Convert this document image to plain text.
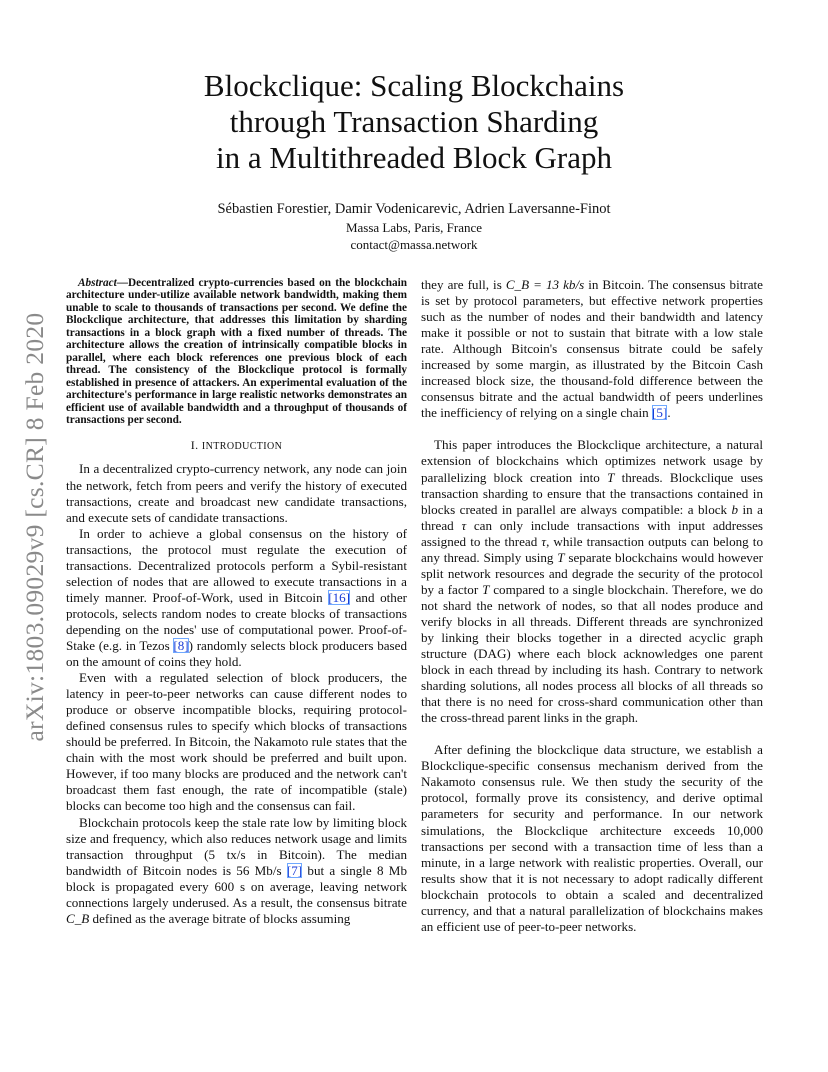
arXiv:1803.09029v9 [cs.CR] 8 Feb 2020
Blockclique: Scaling Blockchains
through Transaction Sharding
in a Multithreaded Block Graph
Sébastien Forestier, Damir Vodenicarevic, Adrien Laversanne-Finot
Massa Labs, Paris, France
contact@massa.network

Abstract—Decentralized crypto-currencies based on the blockchain architecture under-utilize available network bandwidth, making them unable to scale to thousands of transactions per second. We define the Blockclique architecture, that addresses this limitation by sharding transactions in a block graph with a fixed number of threads. The architecture allows the creation of intrinsically compatible blocks in parallel, where each block references one previous block of each thread. The consistency of the Blockclique protocol is formally established in presence of attackers. An experimental evaluation of the architecture's performance in large realistic networks demonstrates an efficient use of available bandwidth and a throughput of thousands of transactions per second.

I. INTRODUCTION

In a decentralized crypto-currency network, any node can join the network, fetch from peers and verify the history of executed transactions, create and broadcast new candidate transactions, and execute sets of candidate transactions.

In order to achieve a global consensus on the history of transactions, the protocol must regulate the execution of transactions. Decentralized protocols perform a Sybil-resistant selection of nodes that are allowed to execute transactions in a timely manner. Proof-of-Work, used in Bitcoin [ 16 ] and other protocols, selects random nodes to create blocks of transactions depending on the nodes' use of computational power. Proof-of-Stake (e.g. in Tezos [ 8 ] ) randomly selects block producers based on the amount of coins they hold.

Even with a regulated selection of block producers, the latency in peer-to-peer networks can cause different nodes to produce or observe incompatible blocks, requiring protocol-defined consensus rules to specify which blocks of transactions should be preferred. In Bitcoin, the Nakamoto rule states that the chain with the most work should be preferred and built upon. However, if too many blocks are produced and the network can't broadcast them fast enough, the rate of incompatible (stale) blocks can become too high and the consensus can fail.

Blockchain protocols keep the stale rate low by limiting block size and frequency, which also reduces network usage and limits transaction throughput (5 tx/s in Bitcoin). The median bandwidth of Bitcoin nodes is 56 Mb/s [ 7 ] but a single 8 Mb block is propagated every 600 s on average, leaving network connections largely underused. As a result, the consensus bitrate C_B defined as the average bitrate of blocks assuming

they are full, is C_B = 13 kb/s in Bitcoin. The consensus bitrate is set by protocol parameters, but effective network properties such as the number of nodes and their bandwidth and latency make it possible or not to sustain that bitrate with a low stale rate. Although Bitcoin's consensus bitrate could be safely increased by some margin, as illustrated by the Bitcoin Cash increased block size, the thousand-fold difference between the consensus bitrate and the actual bandwidth of peers underlines the inefficiency of relying on a single chain [ 5 ] .

This paper introduces the Blockclique architecture, a natural extension of blockchains which optimizes network usage by parallelizing block creation into T threads. Blockclique uses transaction sharding to ensure that the transactions contained in blocks created in parallel are always compatible: a block b in a thread τ can only include transactions with input addresses assigned to the thread τ, while transaction outputs can belong to any thread. Simply using T separate blockchains would however split network resources and degrade the security of the protocol by a factor T compared to a single blockchain. Therefore, we do not shard the network of nodes, so that all nodes produce and verify blocks in all threads. Different threads are synchronized by linking their blocks together in a directed acyclic graph structure (DAG) where each block acknowledges one parent block in each thread by including its hash. Contrary to network sharding solutions, all nodes process all blocks of all threads so that there is no need for cross-shard communication other than the cross-thread parent links in the graph.

After defining the blockclique data structure, we establish a Blockclique-specific consensus mechanism derived from the Nakamoto consensus rule. We then study the security of the protocol, formally prove its consistency, and derive optimal parameters for security and performance. In our network simulations, the Blockclique architecture exceeds 10,000 transactions per second with a transaction time of less than a minute, in a large network with realistic properties. Overall, our results show that it is not necessary to adopt radically different blockchain protocols to obtain a scaled and decentralized currency, and that a natural parallelization of blockchains makes an efficient use of peer-to-peer networks.
